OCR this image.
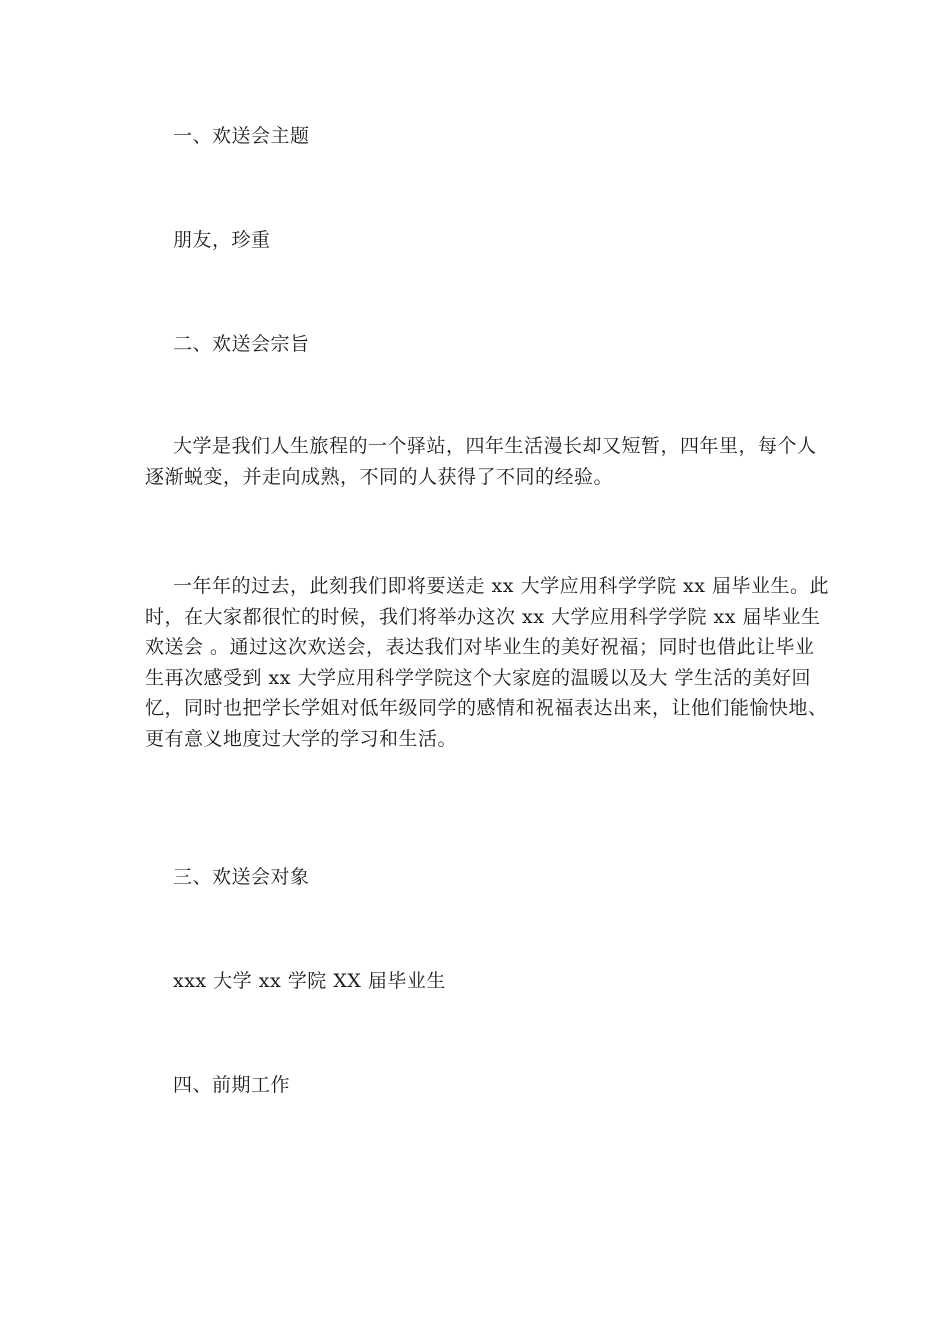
一、欢送会主题
朋友，珍重
二、欢送会宗旨
大学是我们人生旅程的一个驿站，四年生活漫长却又短暂，四年里，每个人
逐渐蜕变，并走向成熟，不同的人获得了不同的经验。
一年年的过去，此刻我们即将要送走 xx 大学应用科学学院 xx 届毕业生。此
时，在大家都很忙的时候，我们将举办这次 xx 大学应用科学学院 xx 届毕业生
欢送会 。通过这次欢送会，表达我们对毕业生的美好祝福；同时也借此让毕业
生再次感受到 xx 大学应用科学学院这个大家庭的温暖以及大 学生活的美好回
忆，同时也把学长学姐对低年级同学的感情和祝福表达出来，让他们能愉快地、
更有意义地度过大学的学习和生活。
三、欢送会对象
xxx 大学 xx 学院 XX 届毕业生
四、前期工作
